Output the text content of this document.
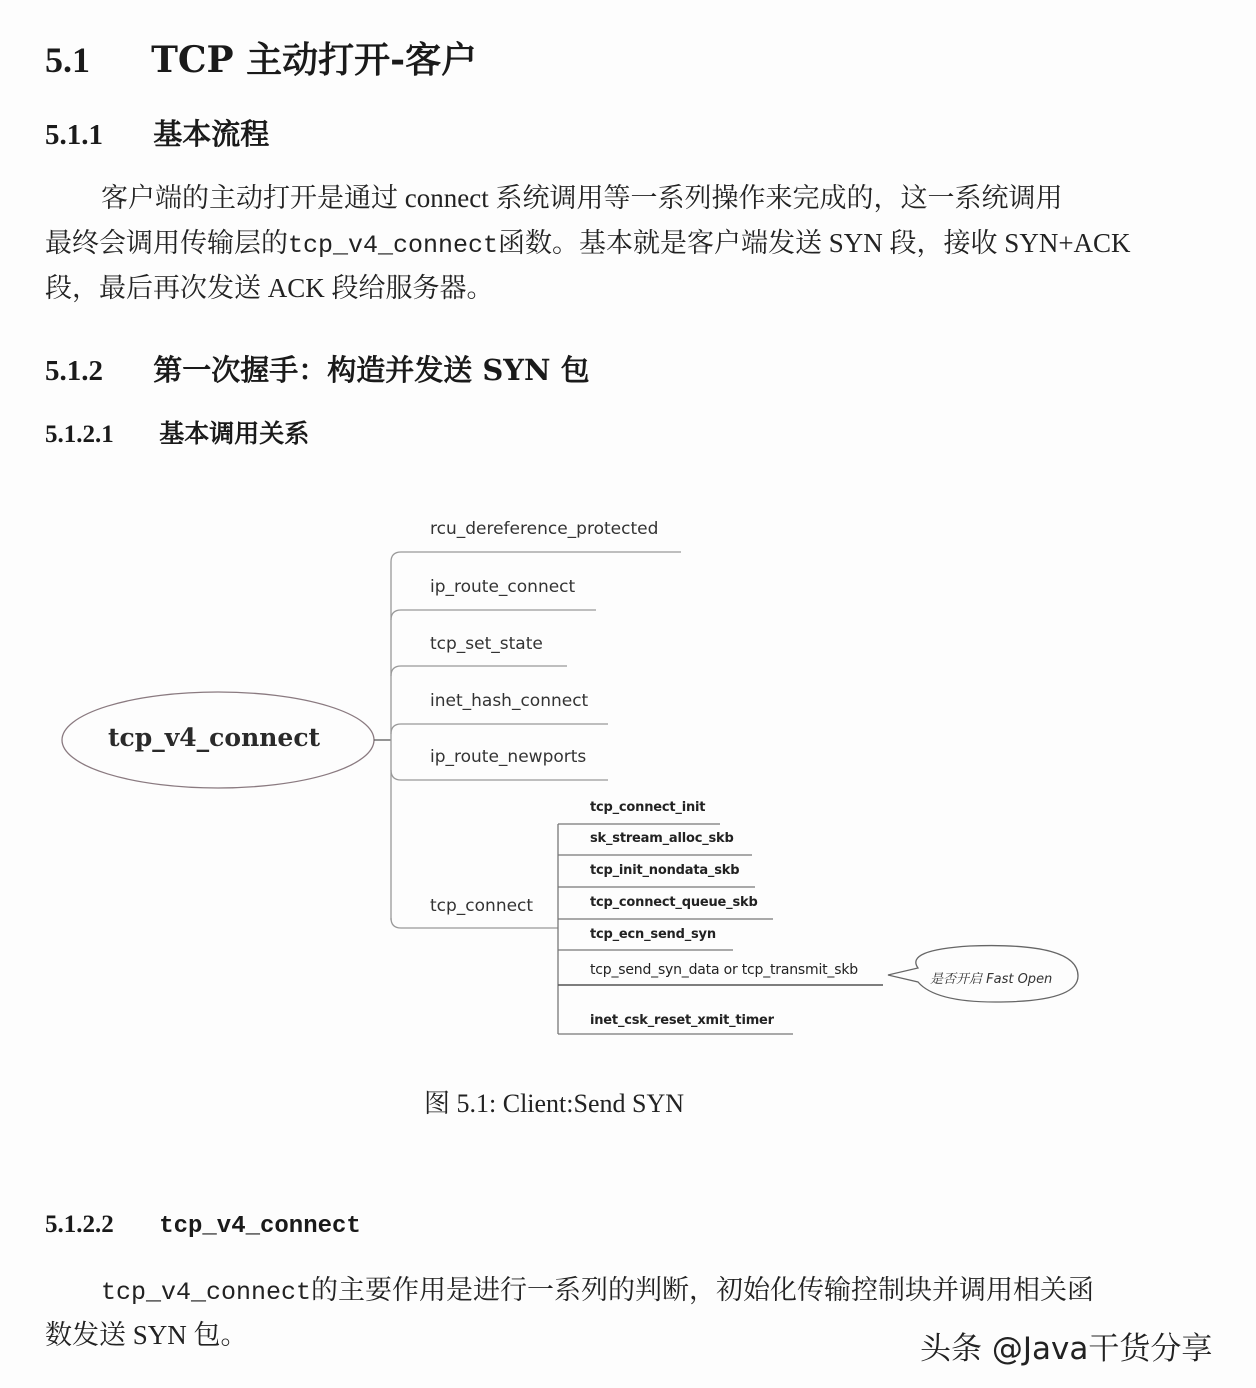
5.1 TCP 主动打开-客户
5.1.1 基本流程
客户端的主动打开是通过 connect 系统调用等一系列操作来完成的，这一系统调用
最终会调用传输层的tcp_v4_connect函数。基本就是客户端发送 SYN 段，接收 SYN+ACK
段，最后再次发送 ACK 段给服务器。
5.1.2 第一次握手：构造并发送 SYN 包
5.1.2.1 基本调用关系
tcp_v4_connect
rcu_dereference_protected
ip_route_connect
tcp_set_state
inet_hash_connect
ip_route_newports
tcp_connect
tcp_connect_init
sk_stream_alloc_skb
tcp_init_nondata_skb
tcp_connect_queue_skb
tcp_ecn_send_syn
tcp_send_syn_data or tcp_transmit_skb
inet_csk_reset_xmit_timer
是否开启 Fast Open
图 5.1: Client:Send SYN
5.1.2.2 tcp_v4_connect
tcp_v4_connect的主要作用是进行一系列的判断，初始化传输控制块并调用相关函
数发送 SYN 包。	头条 @Java干货分享
